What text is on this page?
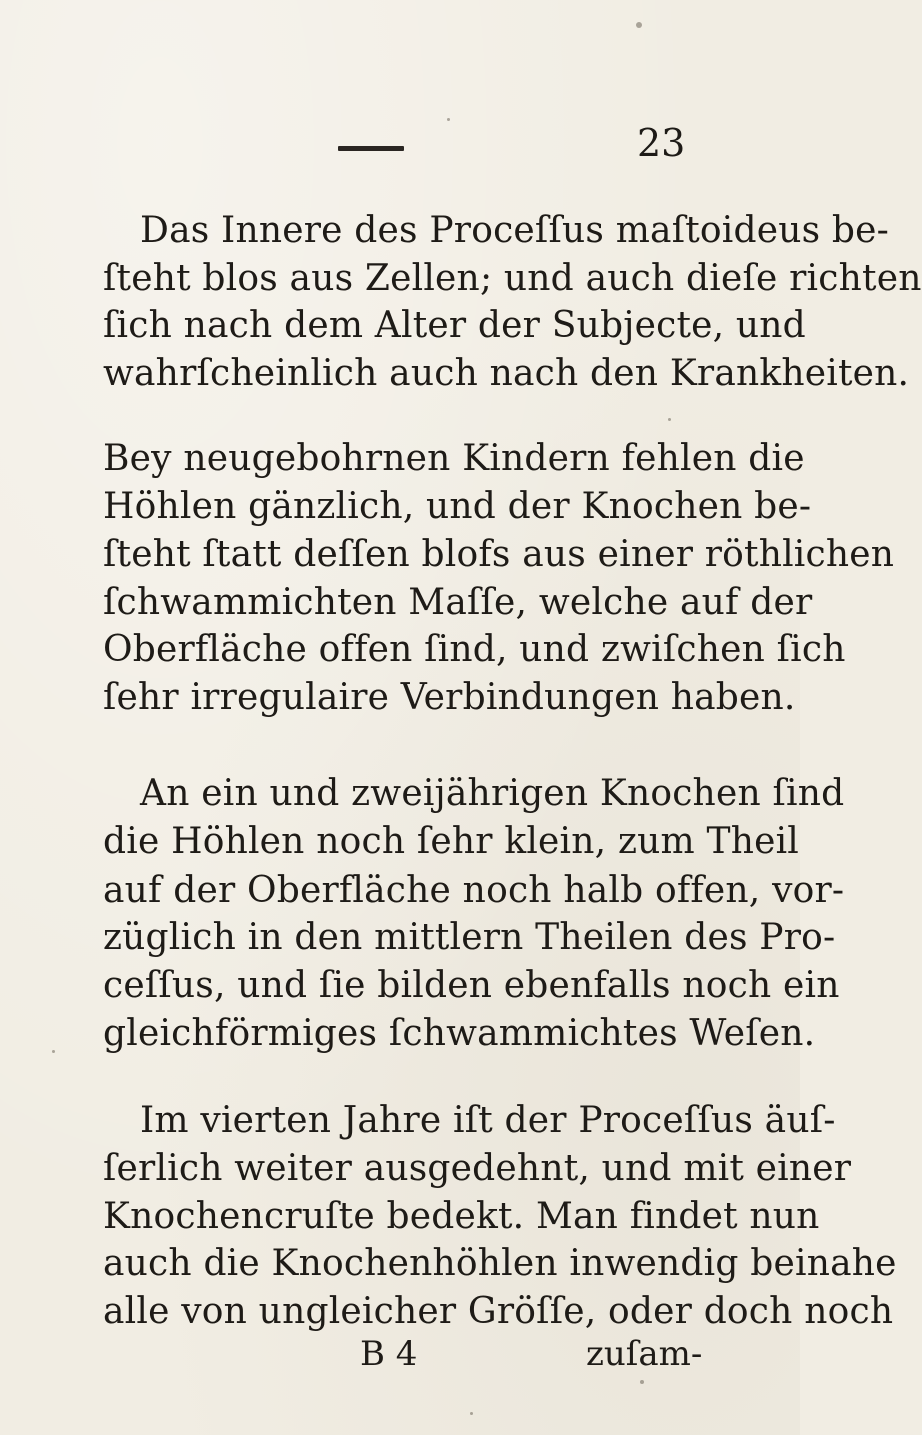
23
Das Innere des Proceſſus maſtoideus be-
ſteht blos aus Zellen; und auch dieſe richten
ſich nach dem Alter der Subjecte, und
wahrſcheinlich auch nach den Krankheiten.
Bey neugebohrnen Kindern fehlen die
Höhlen gänzlich, und der Knochen be-
ſteht ſtatt deſſen blofs aus einer röthlichen
ſchwammichten Maſſe, welche auf der
Oberfläche offen ſind, und zwiſchen ſich
ſehr irregulaire Verbindungen haben.
An ein und zweijährigen Knochen ſind
die Höhlen noch ſehr klein, zum Theil
auf der Oberfläche noch halb offen, vor-
züglich in den mittlern Theilen des Pro-
ceſſus, und ſie bilden ebenfalls noch ein
gleichförmiges ſchwammichtes Weſen.
Im vierten Jahre iſt der Proceſſus äuſ-
ſerlich weiter ausgedehnt, und mit einer
Knochencruſte bedekt. Man findet nun
auch die Knochenhöhlen inwendig beinahe
alle von ungleicher Gröſſe, oder doch noch
B 4	zuſam-
